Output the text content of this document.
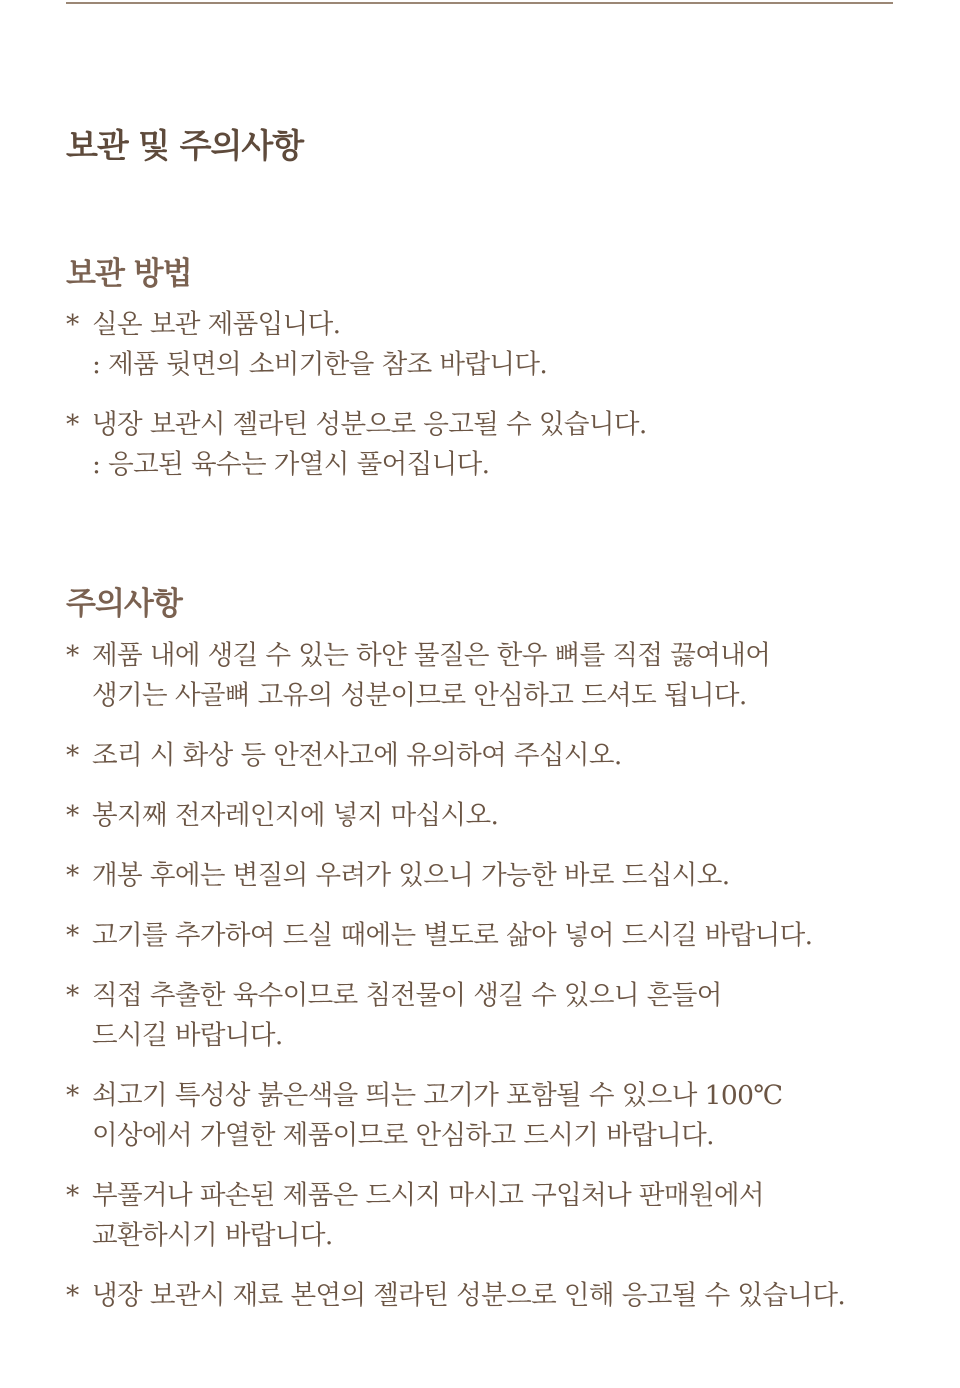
보관 및 주의사항
보관 방법
* 실온 보관 제품입니다.
: 제품 뒷면의 소비기한을 참조 바랍니다.
* 냉장 보관시 젤라틴 성분으로 응고될 수 있습니다.
: 응고된 육수는 가열시 풀어집니다.
주의사항
* 제품 내에 생길 수 있는 하얀 물질은 한우 뼈를 직접 끓여내어
생기는 사골뼈 고유의 성분이므로 안심하고 드셔도 됩니다.
* 조리 시 화상 등 안전사고에 유의하여 주십시오.
* 봉지째 전자레인지에 넣지 마십시오.
* 개봉 후에는 변질의 우려가 있으니 가능한 바로 드십시오.
* 고기를 추가하여 드실 때에는 별도로 삶아 넣어 드시길 바랍니다.
* 직접 추출한 육수이므로 침전물이 생길 수 있으니 흔들어
드시길 바랍니다.
* 쇠고기 특성상 붉은색을 띄는 고기가 포함될 수 있으나 100℃
이상에서 가열한 제품이므로 안심하고 드시기 바랍니다.
* 부풀거나 파손된 제품은 드시지 마시고 구입처나 판매원에서
교환하시기 바랍니다.
* 냉장 보관시 재료 본연의 젤라틴 성분으로 인해 응고될 수 있습니다.
